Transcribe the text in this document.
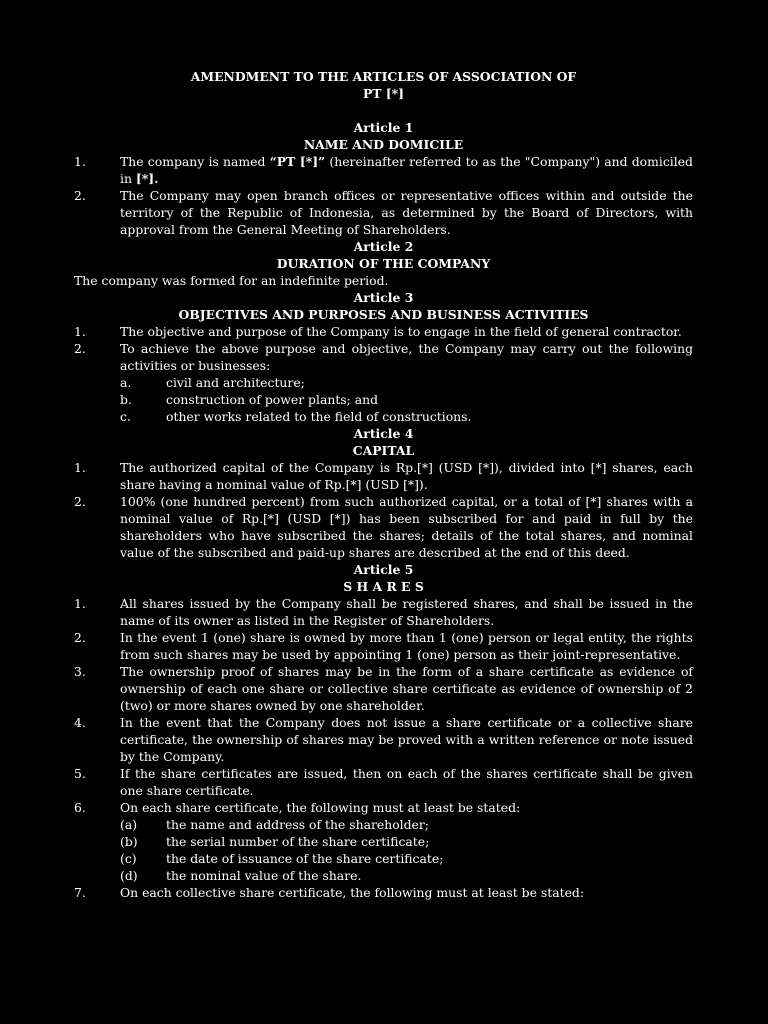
AMENDMENT TO THE ARTICLES OF ASSOCIATION OF
PT [*]
Article 1
NAME AND DOMICILE
1.	The company is named “PT [*]” (hereinafter referred to as the "Company") and domiciled in [*].
2.	The Company may open branch offices or representative offices within and outside the territory of the Republic of Indonesia, as determined by the Board of Directors, with approval from the General Meeting of Shareholders.
Article 2
DURATION OF THE COMPANY
The company was formed for an indefinite period.
Article 3
OBJECTIVES AND PURPOSES AND BUSINESS ACTIVITIES
1.	The objective and purpose of the Company is to engage in the field of general contractor.
2.	To achieve the above purpose and objective, the Company may carry out the following activities or businesses:
a.	civil and architecture;
b.	construction of power plants; and
c.	other works related to the field of constructions.
Article 4
CAPITAL
1.	The authorized capital of the Company is Rp.[*] (USD [*]), divided into [*] shares, each share having a nominal value of Rp.[*] (USD [*]).
2.	100% (one hundred percent) from such authorized capital, or a total of [*] shares with a nominal value of Rp.[*] (USD [*]) has been subscribed for and paid in full by the shareholders who have subscribed the shares; details of the total shares, and nominal value of the subscribed and paid-up shares are described at the end of this deed.
Article 5
S H A R E S
1.	All shares issued by the Company shall be registered shares, and shall be issued in the name of its owner as listed in the Register of Shareholders.
2.	In the event 1 (one) share is owned by more than 1 (one) person or legal entity, the rights from such shares may be used by appointing 1 (one) person as their joint-representative.
3.	The ownership proof of shares may be in the form of a share certificate as evidence of ownership of each one share or collective share certificate as evidence of ownership of 2 (two) or more shares owned by one shareholder.
4.	In the event that the Company does not issue a share certificate or a collective share certificate, the ownership of shares may be proved with a written reference or note issued by the Company.
5.	If the share certificates are issued, then on each of the shares certificate shall be given one share certificate.
6.	On each share certificate, the following must at least be stated:
(a) the name and address of the shareholder;
(b) the serial number of the share certificate;
(c) the date of issuance of the share certificate;
(d) the nominal value of the share.
7.	On each collective share certificate, the following must at least be stated:
